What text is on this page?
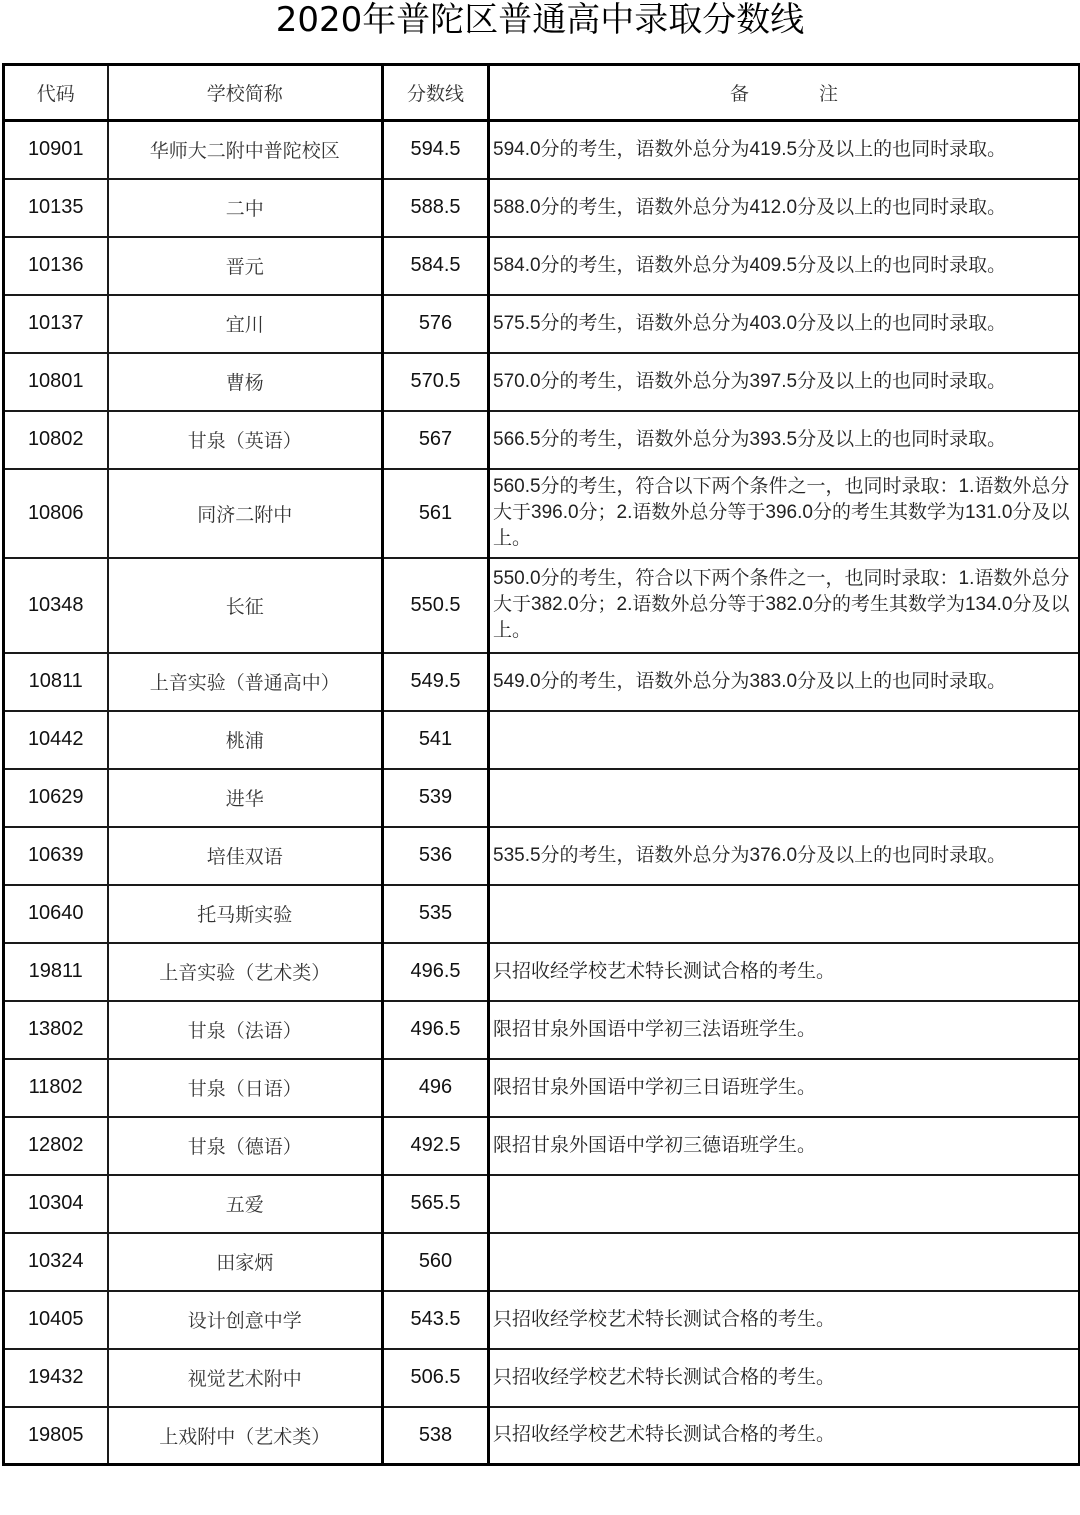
2020年普陀区普通高中录取分数线
代码	学校简称	分数线	备 注
10901	华师大二附中普陀校区	594.5	594.0分的考生，语数外总分为419.5分及以上的也同时录取。
10135	二中	588.5	588.0分的考生，语数外总分为412.0分及以上的也同时录取。
10136	晋元	584.5	584.0分的考生，语数外总分为409.5分及以上的也同时录取。
10137	宜川	576	575.5分的考生，语数外总分为403.0分及以上的也同时录取。
10801	曹杨	570.5	570.0分的考生，语数外总分为397.5分及以上的也同时录取。
10802	甘泉（英语）	567	566.5分的考生，语数外总分为393.5分及以上的也同时录取。
10806	同济二附中	561	560.5分的考生，符合以下两个条件之一，也同时录取：1.语数外总分大于396.0分；2.语数外总分等于396.0分的考生其数学为131.0分及以上。
10348	长征	550.5	550.0分的考生，符合以下两个条件之一，也同时录取：1.语数外总分大于382.0分；2.语数外总分等于382.0分的考生其数学为134.0分及以上。
10811	上音实验（普通高中）	549.5	549.0分的考生，语数外总分为383.0分及以上的也同时录取。
10442	桃浦	541	
10629	进华	539	
10639	培佳双语	536	535.5分的考生，语数外总分为376.0分及以上的也同时录取。
10640	托马斯实验	535	
19811	上音实验（艺术类）	496.5	只招收经学校艺术特长测试合格的考生。
13802	甘泉（法语）	496.5	限招甘泉外国语中学初三法语班学生。
11802	甘泉（日语）	496	限招甘泉外国语中学初三日语班学生。
12802	甘泉（德语）	492.5	限招甘泉外国语中学初三德语班学生。
10304	五爱	565.5	
10324	田家炳	560	
10405	设计创意中学	543.5	只招收经学校艺术特长测试合格的考生。
19432	视觉艺术附中	506.5	只招收经学校艺术特长测试合格的考生。
19805	上戏附中（艺术类）	538	只招收经学校艺术特长测试合格的考生。
